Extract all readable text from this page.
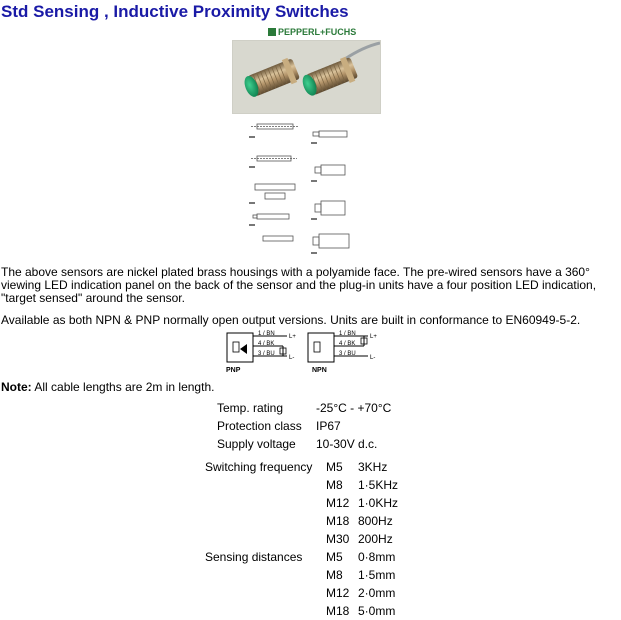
Std Sensing , Inductive Proximity Switches
PEPPERL+FUCHS
The above sensors are nickel plated brass housings with a polyamide face. The pre-wired sensors have a 360° viewing LED indication panel on the back of the sensor and the plug-in units have a four position LED indication, "target sensed" around the sensor.
Available as both NPN & PNP normally open output versions. Units are built in conformance to EN60949-5-2.
1 / BN
4 / BK
3 / BU
L+
L-
PNP
1 / BN
4 / BK
3 / BU
L+
L-
NPN
Note: All cable lengths are 2m in length.
Temp. rating	-25°C - +70°C
Protection class IP67
Supply voltage 10-30V d.c.
Switching frequency M5 3KHz
M8 1·5KHz
M12 1·0KHz
M18 800Hz
M30 200Hz
Sensing distances M5 0·8mm
M8 1·5mm
M12 2·0mm
M18 5·0mm
